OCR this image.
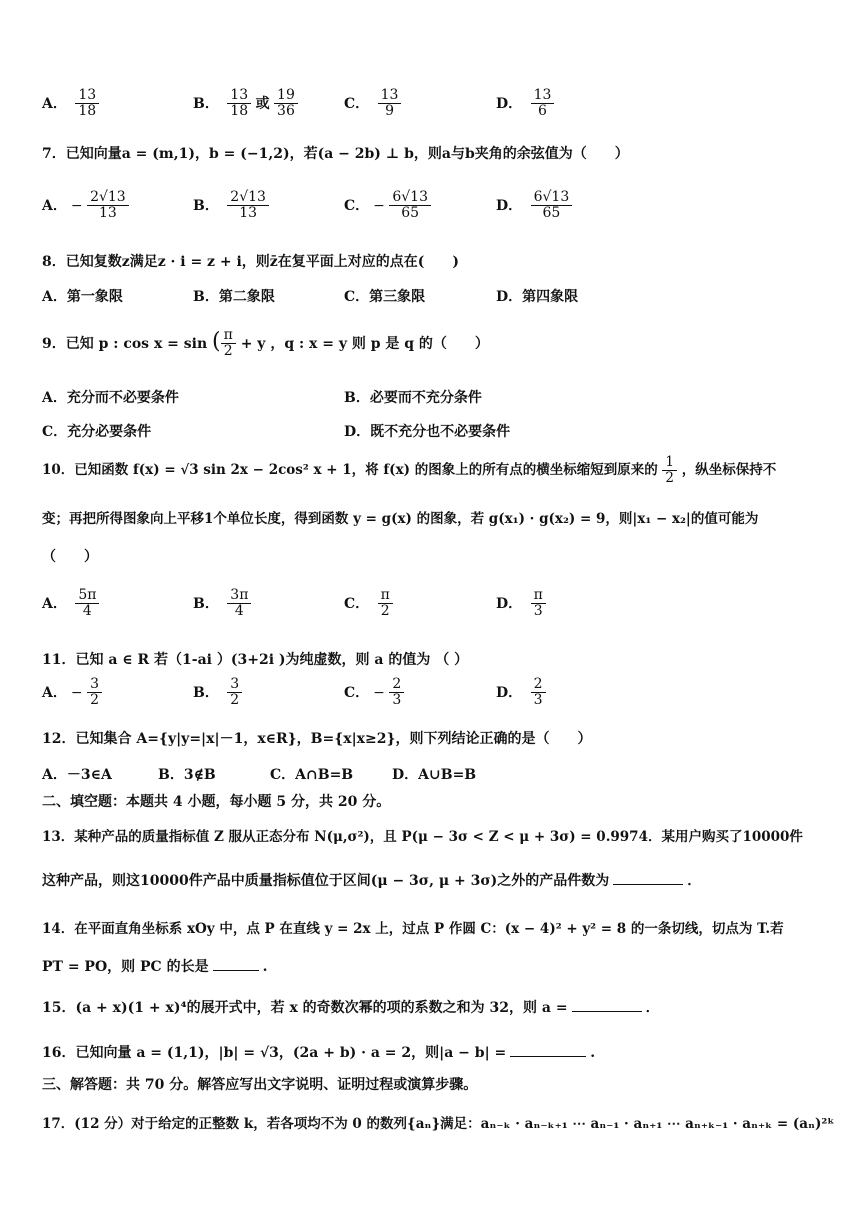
A． $\frac{13}{18}$	B． $\frac{13}{18}$ 或 $\frac{19}{36}$	C． $\frac{13}{9}$	D． $\frac{13}{6}$
7．已知向量a = (m,1)，b = (−1,2)，若(a − 2b) ⊥ b，则a与b夹角的余弦值为（　　）
A． − $\frac{2√13}{13}$	B． $\frac{2√13}{13}$	C． − $\frac{6√13}{65}$	D． $\frac{6√13}{65}$
8．已知复数z满足z · i = z + i，则z̄在复平面上对应的点在(　　)
A．第一象限	B．第二象限	C．第三象限	D．第四象限
9．已知 p : cos x = sin ( $\frac{\pi}{2} + y$ ，q : x = y 则 p 是 q 的（　　）
A．充分而不必要条件	B．必要而不充分条件
C．充分必要条件	D．既不充分也不必要条件
10．已知函数 f(x) = √3 sin 2x − 2cos² x + 1，将 f(x) 的图象上的所有点的横坐标缩短到原来的 $\frac{1}{2}$ ，纵坐标保持不
变；再把所得图象向上平移1个单位长度，得到函数 y = g(x) 的图象，若 g(x₁) · g(x₂) = 9，则|x₁ − x₂|的值可能为
（　　）
A． $\frac{5\pi}{4}$	B． $\frac{3\pi}{4}$	C． $\frac{\pi}{2}$	D． $\frac{\pi}{3}$
11．已知 a ∈ R 若（1-ai ）(3+2i )为纯虚数，则 a 的值为 （ ）
A． − $\frac{3}{2}$	B． $\frac{3}{2}$	C． − $\frac{2}{3}$	D． $\frac{2}{3}$
12．已知集合 A={y|y=|x|－1，x∈R}，B={x|x≥2}，则下列结论正确的是（　　）
A．－3∈A	B．3∉B	C．A∩B=B	D．A∪B=B
二、填空题：本题共 4 小题，每小题 5 分，共 20 分。
13．某种产品的质量指标值 Z 服从正态分布 N(μ,σ²)，且 P(μ − 3σ < Z < μ + 3σ) = 0.9974．某用户购买了10000件
这种产品，则这10000件产品中质量指标值位于区间(μ − 3σ, μ + 3σ)之外的产品件数为	．
14．在平面直角坐标系 xOy 中，点 P 在直线 y = 2x 上，过点 P 作圆 C：(x − 4)² + y² = 8 的一条切线，切点为 T.若
PT = PO，则 PC 的长是	.
15．(a + x)(1 + x)⁴的展开式中，若 x 的奇数次幂的项的系数之和为 32，则 a =	．
16．已知向量 a = (1,1)，|b| = √3，(2a + b) · a = 2，则|a − b| =	.
三、解答题：共 70 分。解答应写出文字说明、证明过程或演算步骤。
17．(12 分）对于给定的正整数 k，若各项均不为 0 的数列{aₙ}满足：aₙ₋ₖ · aₙ₋ₖ₊₁ ⋯ aₙ₋₁ · aₙ₊₁ ⋯ aₙ₊ₖ₋₁ · aₙ₊ₖ = (aₙ)²ᵏ
